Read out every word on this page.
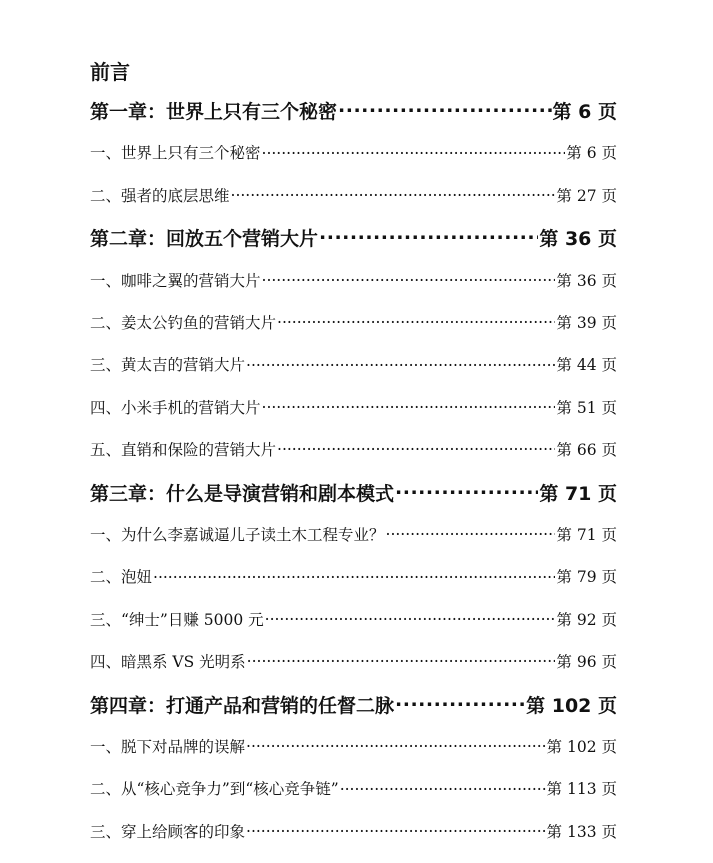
前言
第一章：世界上只有三个秘密 .....	第 6 页
一、世界上只有三个秘密 .....	第 6 页
二、强者的底层思维 .....	第 27 页
第二章：回放五个营销大片 .....	第 36 页
一、咖啡之翼的营销大片 .....	第 36 页
二、姜太公钓鱼的营销大片 .....	第 39 页
三、黄太吉的营销大片 .....	第 44 页
四、小米手机的营销大片 .....	第 51 页
五、直销和保险的营销大片 .....	第 66 页
第三章：什么是导演营销和剧本模式 .....	第 71 页
一、为什么李嘉诚逼儿子读土木工程专业？ .....	第 71 页
二、泡妞 .....	第 79 页
三、“绅士”日赚 5000 元 .....	第 92 页
四、暗黑系 VS 光明系 .....	第 96 页
第四章：打通产品和营销的任督二脉 .....	第 102 页
一、脱下对品牌的误解 .....	第 102 页
二、从“核心竞争力”到“核心竞争链” .....	第 113 页
三、穿上给顾客的印象 .....	第 133 页
